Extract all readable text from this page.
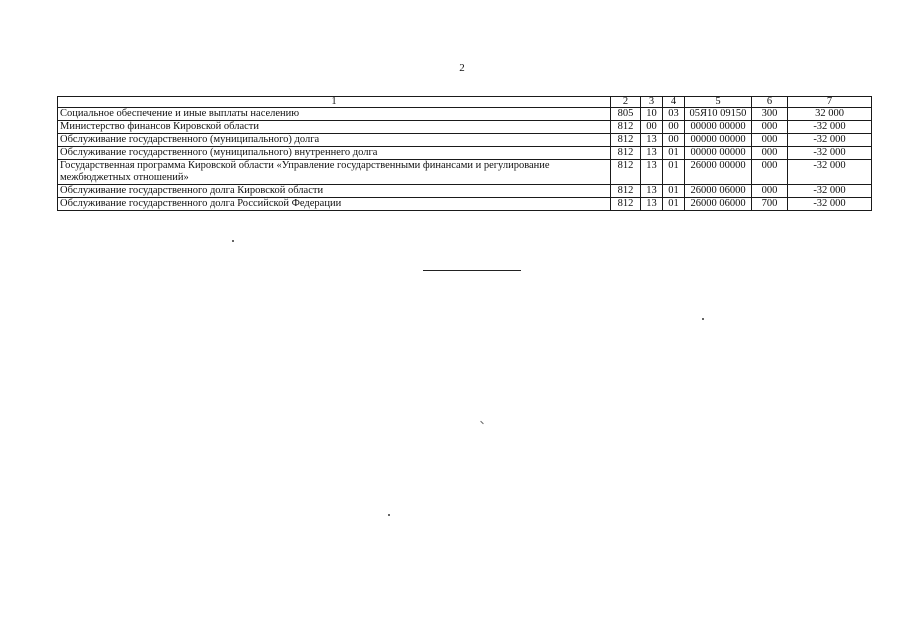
2
1	2	3	4	5	6	7
Социальное обеспечение и иные выплаты населению	805	10	03	05Я10 09150	300	32 000
Министерство финансов Кировской области	812	00	00	00000 00000	000	-32 000
Обслуживание государственного (муниципального) долга	812	13	00	00000 00000	000	-32 000
Обслуживание государственного (муниципального) внутреннего долга	812	13	01	00000 00000	000	-32 000
Государственная программа Кировской области «Управление государственными финансами и регулирование межбюджетных отношений»	812	13	01	26000 00000	000	-32 000
Обслуживание государственного долга Кировской области	812	13	01	26000 06000	000	-32 000
Обслуживание государственного долга Российской Федерации	812	13	01	26000 06000	700	-32 000
